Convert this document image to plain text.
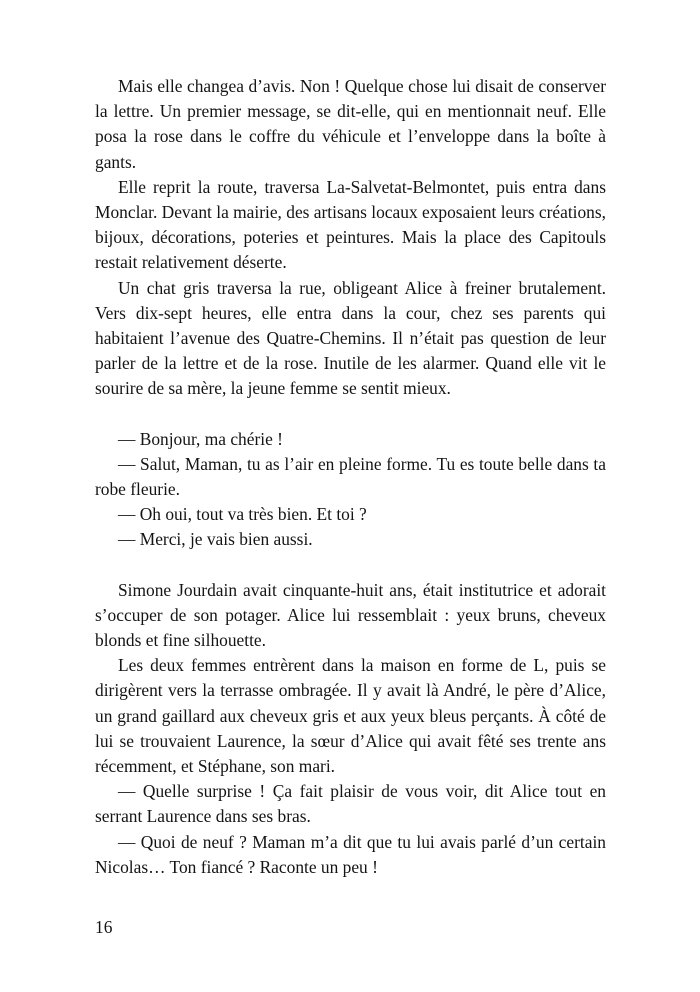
Mais elle changea d’avis. Non ! Quelque chose lui disait de conserver la lettre. Un premier message, se dit-elle, qui en mentionnait neuf. Elle posa la rose dans le coffre du véhicule et l’enveloppe dans la boîte à gants.

Elle reprit la route, traversa La-Salvetat-Belmontet, puis entra dans Monclar. Devant la mairie, des artisans locaux exposaient leurs créations, bijoux, décorations, poteries et peintures. Mais la place des Capitouls restait relativement déserte.

Un chat gris traversa la rue, obligeant Alice à freiner brutalement. Vers dix-sept heures, elle entra dans la cour, chez ses parents qui habitaient l’avenue des Quatre-Chemins. Il n’était pas question de leur parler de la lettre et de la rose. Inutile de les alarmer. Quand elle vit le sourire de sa mère, la jeune femme se sentit mieux.

— Bonjour, ma chérie !

— Salut, Maman, tu as l’air en pleine forme. Tu es toute belle dans ta robe fleurie.

— Oh oui, tout va très bien. Et toi ?

— Merci, je vais bien aussi.

Simone Jourdain avait cinquante-huit ans, était institutrice et adorait s’occuper de son potager. Alice lui ressemblait : yeux bruns, cheveux blonds et fine silhouette.

Les deux femmes entrèrent dans la maison en forme de L, puis se dirigèrent vers la terrasse ombragée. Il y avait là André, le père d’Alice, un grand gaillard aux cheveux gris et aux yeux bleus perçants. À côté de lui se trouvaient Laurence, la sœur d’Alice qui avait fêté ses trente ans récemment, et Stéphane, son mari.

— Quelle surprise ! Ça fait plaisir de vous voir, dit Alice tout en serrant Laurence dans ses bras.

— Quoi de neuf ? Maman m’a dit que tu lui avais parlé d’un certain Nicolas… Ton fiancé ? Raconte un peu !

16
